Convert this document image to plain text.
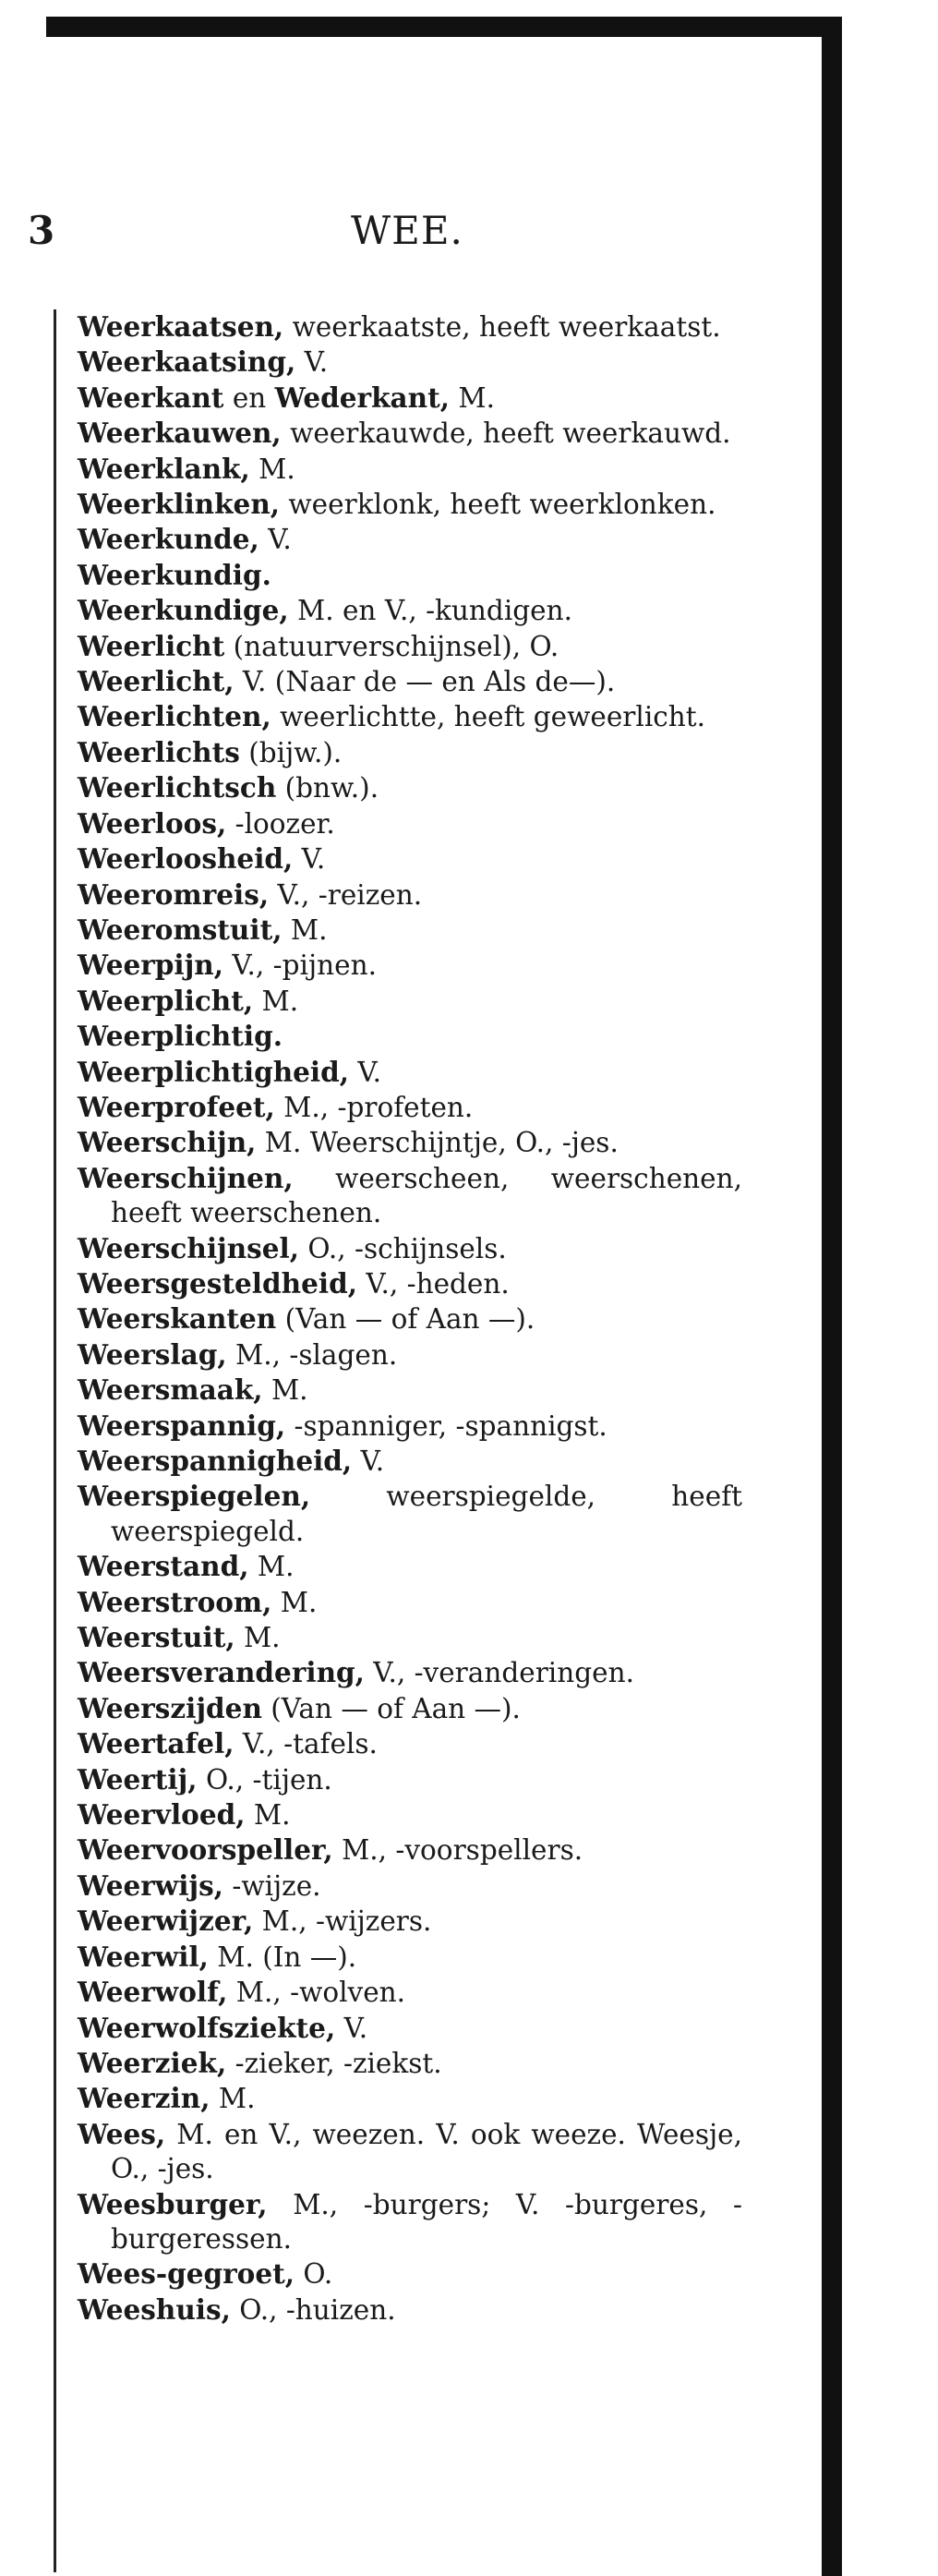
3	WEE.
Weerkaatsen, weerkaatste, heeft weerkaatst.
Weerkaatsing, V.
Weerkant en Wederkant, M.
Weerkauwen, weerkauwde, heeft weerkauwd.
Weerklank, M.
Weerklinken, weerklonk, heeft weerklonken.
Weerkunde, V.
Weerkundig.
Weerkundige, M. en V., -kundigen.
Weerlicht (natuurverschijnsel), O.
Weerlicht, V. (Naar de — en Als de—).
Weerlichten, weerlichtte, heeft geweerlicht.
Weerlichts (bijw.).
Weerlichtsch (bnw.).
Weerloos, -loozer.
Weerloosheid, V.
Weeromreis, V., -reizen.
Weeromstuit, M.
Weerpijn, V., -pijnen.
Weerplicht, M.
Weerplichtig.
Weerplichtigheid, V.
Weerprofeet, M., -profeten.
Weerschijn, M. Weerschijntje, O., -jes.
Weerschijnen, weerscheen, weerschenen, heeft weerschenen.
Weerschijnsel, O., -schijnsels.
Weersgesteldheid, V., -heden.
Weerskanten (Van — of Aan —).
Weerslag, M., -slagen.
Weersmaak, M.
Weerspannig, -spanniger, -spannigst.
Weerspannigheid, V.
Weerspiegelen, weerspiegelde, heeft weerspiegeld.
Weerstand, M.
Weerstroom, M.
Weerstuit, M.
Weersverandering, V., -veranderingen.
Weerszijden (Van — of Aan —).
Weertafel, V., -tafels.
Weertij, O., -tijen.
Weervloed, M.
Weervoorspeller, M., -voorspellers.
Weerwijs, -wijze.
Weerwijzer, M., -wijzers.
Weerwil, M. (In —).
Weerwolf, M., -wolven.
Weerwolfsziekte, V.
Weerziek, -zieker, -ziekst.
Weerzin, M.
Wees, M. en V., weezen. V. ook weeze. Weesje, O., -jes.
Weesburger, M., -burgers; V. -burgeres, -burgeressen.
Wees-gegroet, O.
Weeshuis, O., -huizen.
